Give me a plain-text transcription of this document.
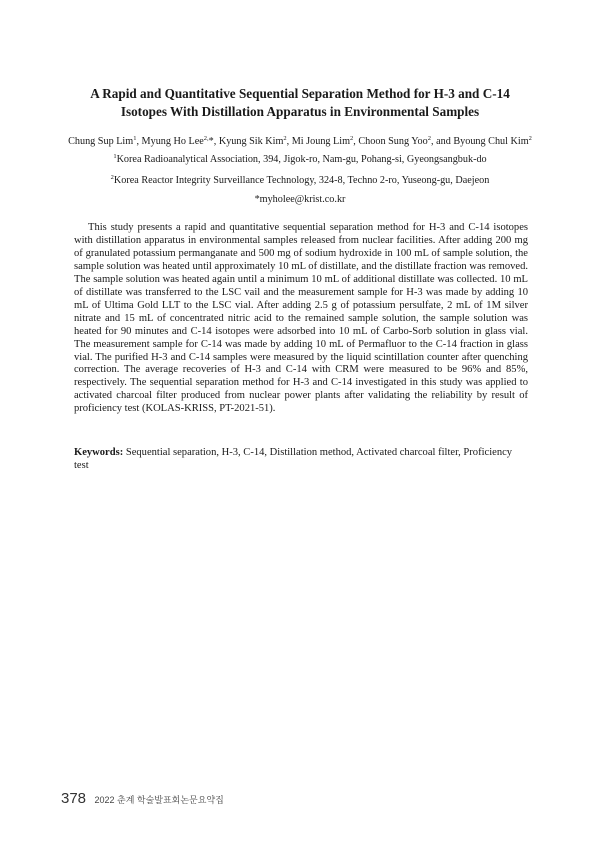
A Rapid and Quantitative Sequential Separation Method for H-3 and C-14
Isotopes With Distillation Apparatus in Environmental Samples
Chung Sup Lim$^1$, Myung Ho Lee$^{2,}$*, Kyung Sik Kim$^2$, Mi Joung Lim$^2$, Choon Sung Yoo$^2$, and Byoung Chul Kim$^2$
$^1$Korea Radioanalytical Association, 394, Jigok-ro, Nam-gu, Pohang-si, Gyeongsangbuk-do
$^2$Korea Reactor Integrity Surveillance Technology, 324-8, Techno 2-ro, Yuseong-gu, Daejeon
*myholee@krist.co.kr

This study presents a rapid and quantitative sequential separation method for H-3 and C-14 isotopes with distillation apparatus in environmental samples released from nuclear facilities. After adding 200 mg of granulated potassium permanganate and 500 mg of sodium hydroxide in 100 mL of sample solution, the sample solution was heated until approximately 10 mL of distillate, and the distillate fraction was removed. The sample solution was heated again until a minimum 10 mL of additional distillate was collected. 10 mL of distillate was transferred to the LSC vail and the measurement sample for H-3 was made by adding 10 mL of Ultima Gold LLT to the LSC vial. After adding 2.5 g of potassium persulfate, 2 mL of 1M silver nitrate and 15 mL of concentrated nitric acid to the remained sample solution, the sample solution was heated for 90 minutes and C-14 isotopes were adsorbed into 10 mL of Carbo-Sorb solution in glass vial. The measurement sample for C-14 was made by adding 10 mL of Permafluor to the C-14 fraction in glass vial. The purified H-3 and C-14 samples were measured by the liquid scintillation counter after quenching correction. The average recoveries of H-3 and C-14 with CRM were measured to be 96% and 85%, respectively. The sequential separation method for H-3 and C-14 investigated in this study was applied to activated charcoal filter produced from nuclear power plants after validating the reliability by result of proficiency test (KOLAS-KRISS, PT-2021-51).

Keywords: Sequential separation, H-3, C-14, Distillation method, Activated charcoal filter, Proficiency test

378 2022 춘계 학술발표회논문요약집
